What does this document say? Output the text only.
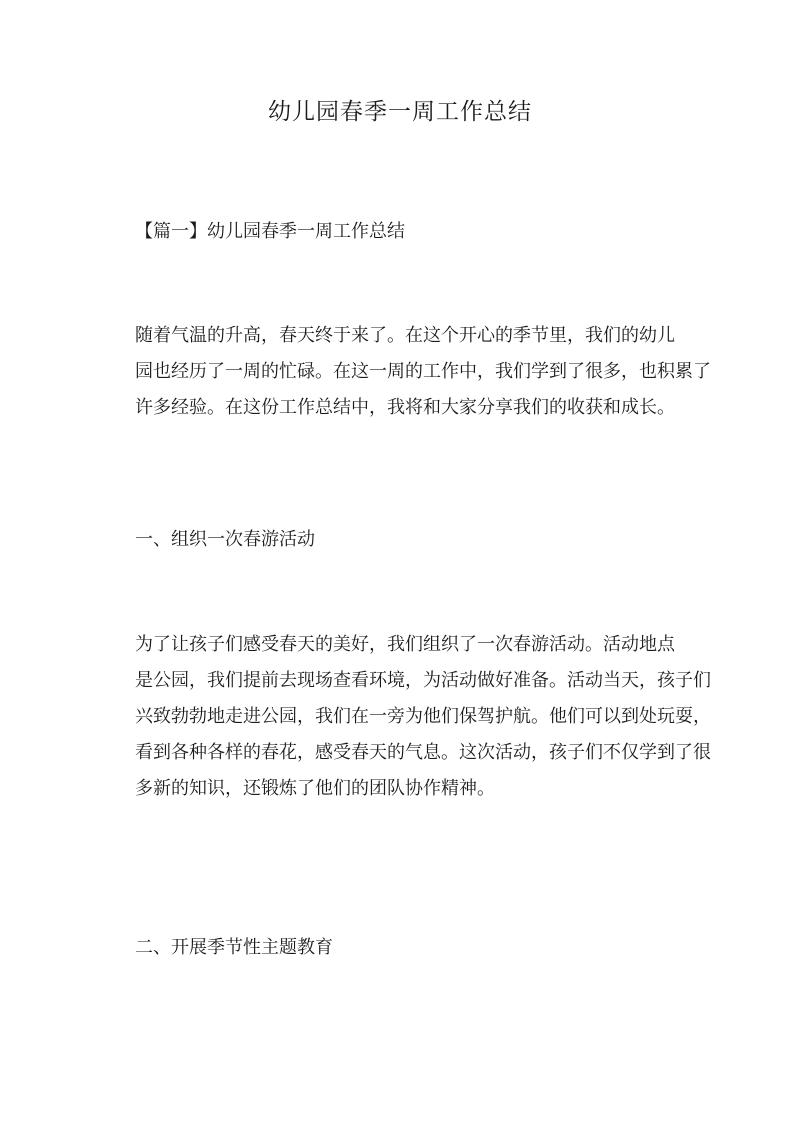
幼儿园春季一周工作总结
【篇一】幼儿园春季一周工作总结
随着气温的升高，春天终于来了。在这个开心的季节里，我们的幼儿
园也经历了一周的忙碌。在这一周的工作中，我们学到了很多，也积累了
许多经验。在这份工作总结中，我将和大家分享我们的收获和成长。
一、组织一次春游活动
为了让孩子们感受春天的美好，我们组织了一次春游活动。活动地点
是公园，我们提前去现场查看环境，为活动做好准备。活动当天，孩子们
兴致勃勃地走进公园，我们在一旁为他们保驾护航。他们可以到处玩耍，
看到各种各样的春花，感受春天的气息。这次活动，孩子们不仅学到了很
多新的知识，还锻炼了他们的团队协作精神。
二、开展季节性主题教育
